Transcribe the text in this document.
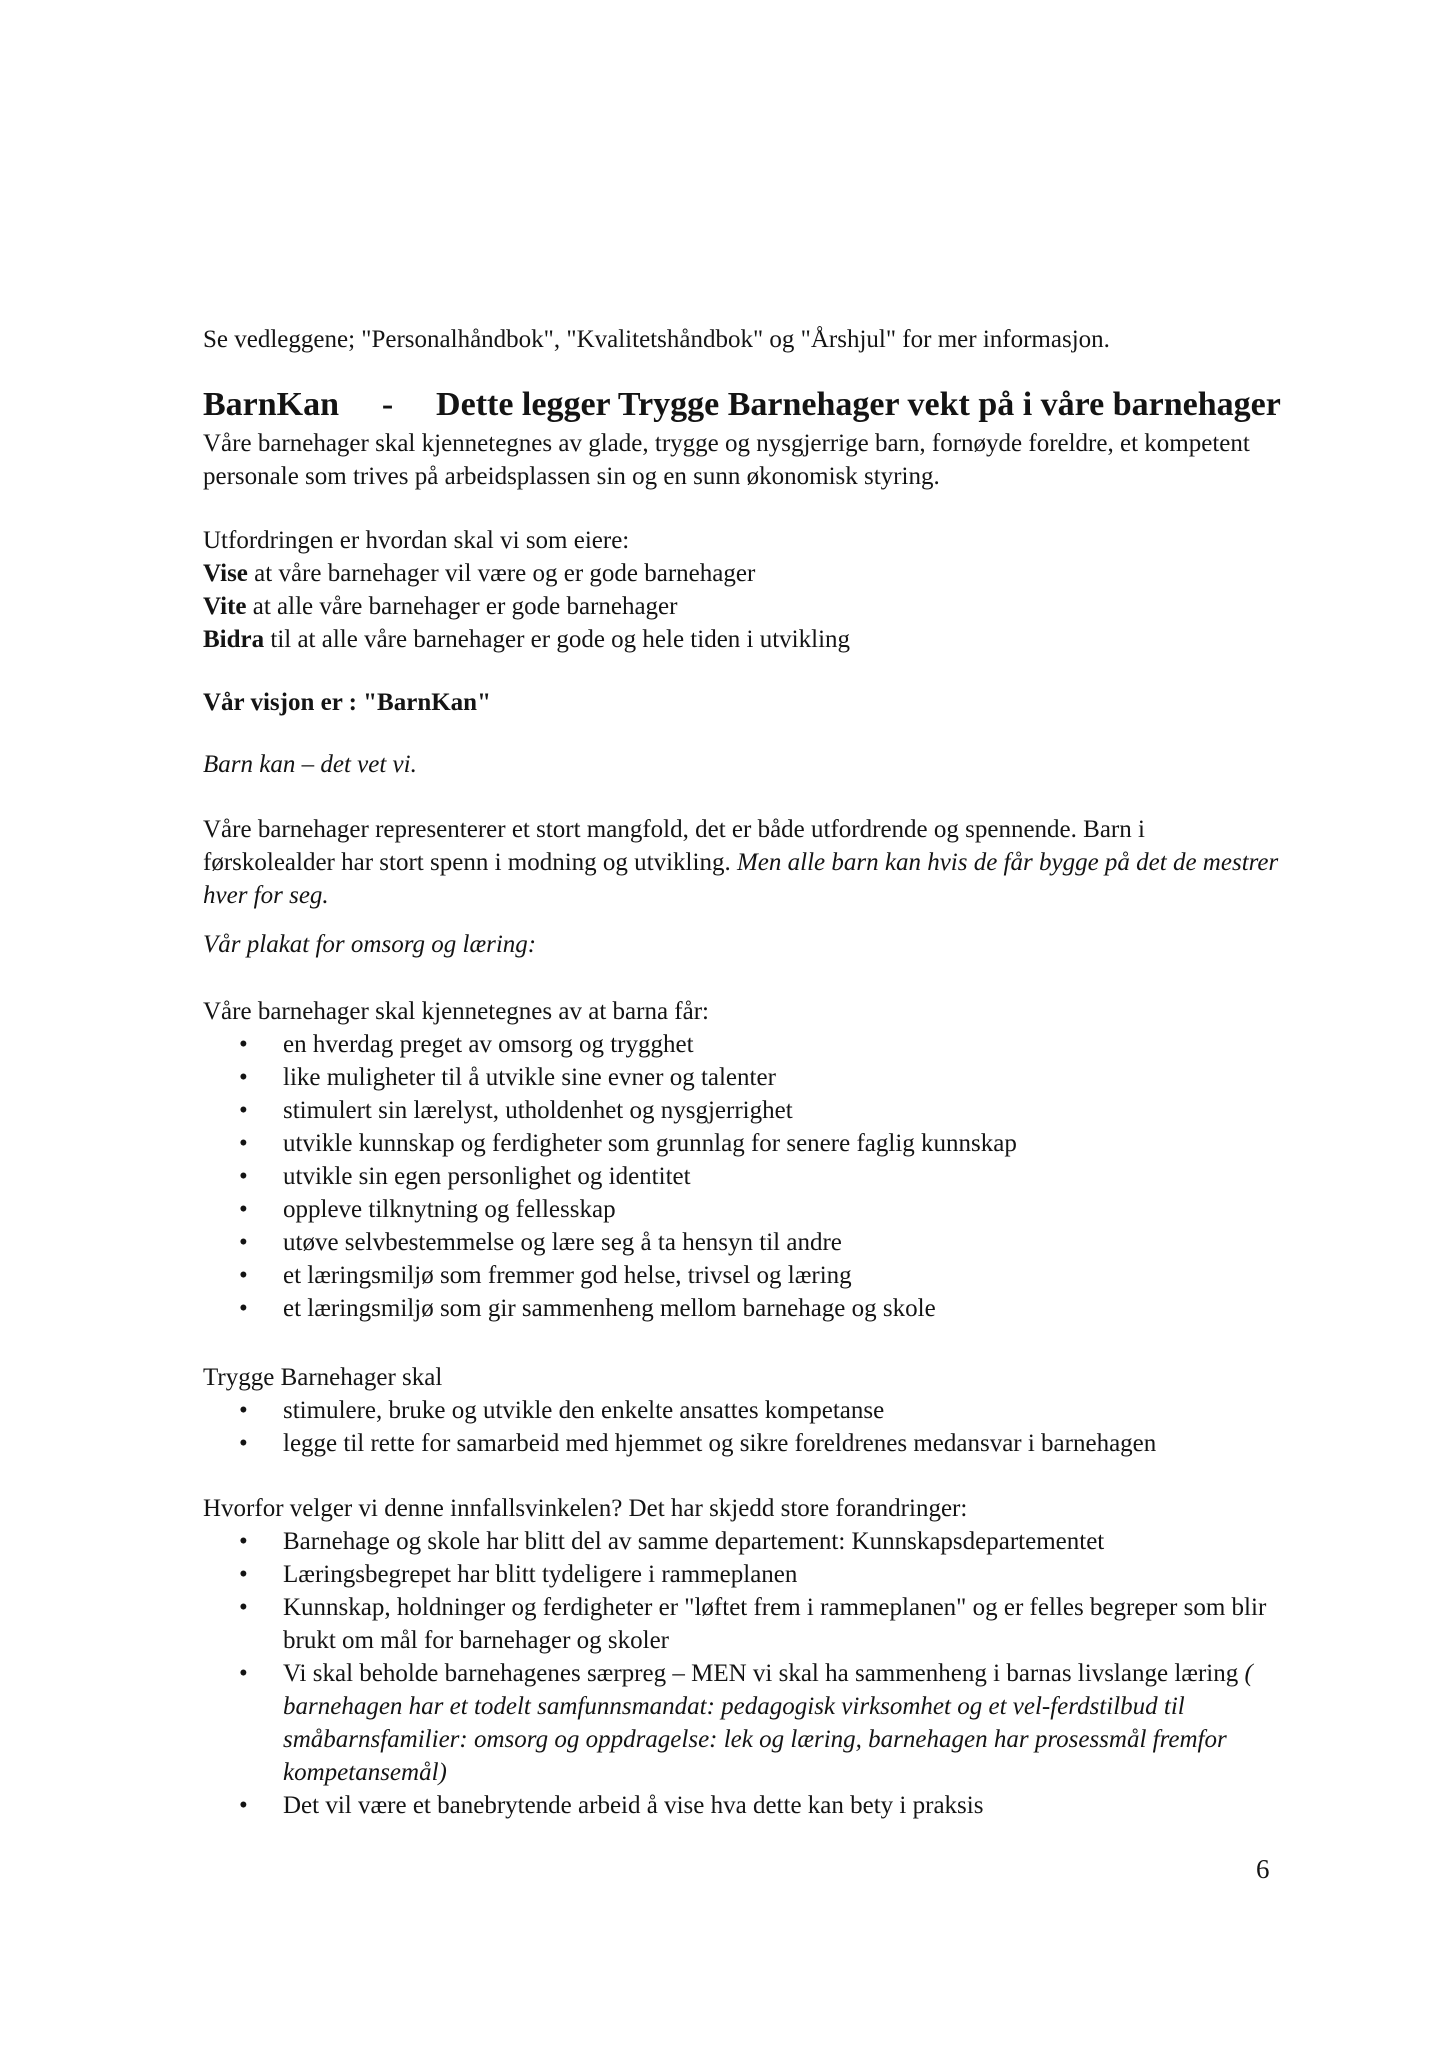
Se vedleggene; "Personalhåndbok", "Kvalitetshåndbok" og "Årshjul" for mer informasjon.

BarnKan - Dette legger Trygge Barnehager vekt på i våre barnehager

Våre barnehager skal kjennetegnes av glade, trygge og nysgjerrige barn, fornøyde foreldre, et kompetent personale som trives på arbeidsplassen sin og en sunn økonomisk styring.

Utfordringen er hvordan skal vi som eiere:

Vise at våre barnehager vil være og er gode barnehager

Vite at alle våre barnehager er gode barnehager

Bidra til at alle våre barnehager er gode og hele tiden i utvikling

Vår visjon er : "BarnKan"

Barn kan – det vet vi.

Våre barnehager representerer et stort mangfold, det er både utfordrende og spennende. Barn i førskolealder har stort spenn i modning og utvikling. Men alle barn kan hvis de får bygge på det de mestrer hver for seg.

Vår plakat for omsorg og læring:

Våre barnehager skal kjennetegnes av at barna får:

• en hverdag preget av omsorg og trygghet
• like muligheter til å utvikle sine evner og talenter
• stimulert sin lærelyst, utholdenhet og nysgjerrighet
• utvikle kunnskap og ferdigheter som grunnlag for senere faglig kunnskap
• utvikle sin egen personlighet og identitet
• oppleve tilknytning og fellesskap
• utøve selvbestemmelse og lære seg å ta hensyn til andre
• et læringsmiljø som fremmer god helse, trivsel og læring
• et læringsmiljø som gir sammenheng mellom barnehage og skole

Trygge Barnehager skal

• stimulere, bruke og utvikle den enkelte ansattes kompetanse
• legge til rette for samarbeid med hjemmet og sikre foreldrenes medansvar i barnehagen

Hvorfor velger vi denne innfallsvinkelen? Det har skjedd store forandringer:

• Barnehage og skole har blitt del av samme departement: Kunnskapsdepartementet
• Læringsbegrepet har blitt tydeligere i rammeplanen
• Kunnskap, holdninger og ferdigheter er "løftet frem i rammeplanen" og er felles begreper som blir brukt om mål for barnehager og skoler
• Vi skal beholde barnehagenes særpreg – MEN vi skal ha sammenheng i barnas livslange læring ( barnehagen har et todelt samfunnsmandat: pedagogisk virksomhet og et vel-ferdstilbud til småbarnsfamilier: omsorg og oppdragelse: lek og læring, barnehagen har prosessmål fremfor kompetansemål)
• Det vil være et banebrytende arbeid å vise hva dette kan bety i praksis
6
